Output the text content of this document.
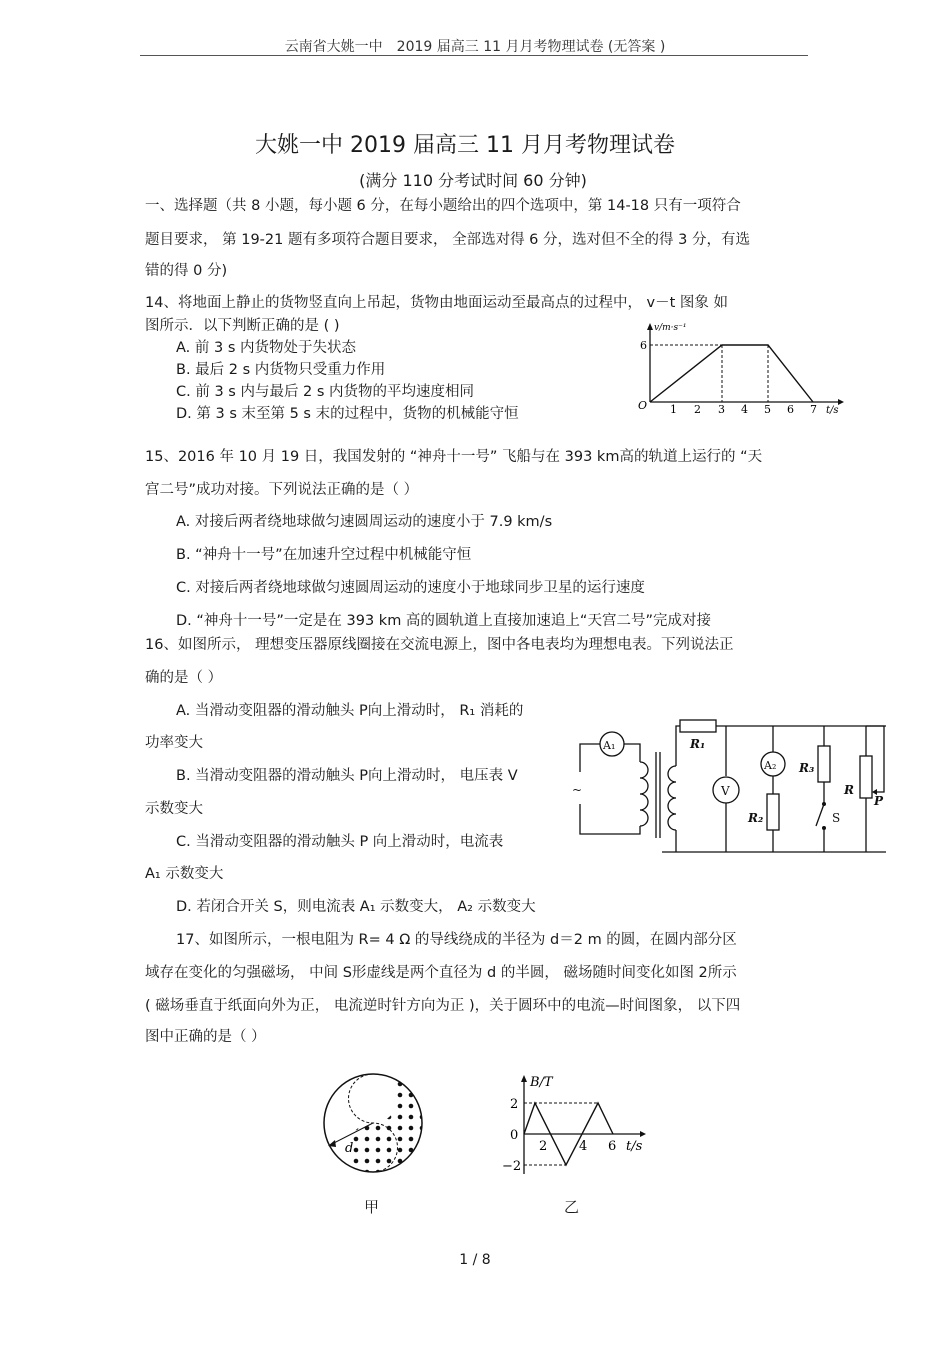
云南省大姚一中　2019 届高三 11 月月考物理试卷 (无答案 )
大姚一中 2019 届高三 11 月月考物理试卷
(满分 110 分考试时间 60 分钟)
一、选择题（共 8 小题，每小题 6 分，在每小题给出的四个选项中，第 14-18 只有一项符合
题目要求， 第 19-21 题有多项符合题目要求， 全部选对得 6 分，选对但不全的得 3 分，有选
错的得 0 分)
14、将地面上静止的货物竖直向上吊起，货物由地面运动至最高点的过程中， v－t 图象 如
图所示．以下判断正确的是 ( )
A. 前 3 s 内货物处于失状态
B. 最后 2 s 内货物只受重力作用
C. 前 3 s 内与最后 2 s 内货物的平均速度相同
D. 第 3 s 末至第 5 s 末的过程中，货物的机械能守恒
v/m·s⁻¹
6
O 1 2 3 4 5 6 7 t/s
15、2016 年 10 月 19 日，我国发射的 “神舟十一号” 飞船与在 393 km高的轨道上运行的 “天
宫二号”成功对接。下列说法正确的是（ ）
A. 对接后两者绕地球做匀速圆周运动的速度小于 7.9 km/s
B. “神舟十一号”在加速升空过程中机械能守恒
C. 对接后两者绕地球做匀速圆周运动的速度小于地球同步卫星的运行速度
D. “神舟十一号”一定是在 393 km 高的圆轨道上直接加速追上“天宫二号”完成对接
16、如图所示， 理想变压器原线圈接在交流电源上，图中各电表均为理想电表。下列说法正
确的是（ ）
A. 当滑动变阻器的滑动触头 P向上滑动时， R₁ 消耗的
功率变大
B. 当滑动变阻器的滑动触头 P向上滑动时， 电压表 V
示数变大
C. 当滑动变阻器的滑动触头 P 向上滑动时，电流表
A₁ 示数变大
D. 若闭合开关 S，则电流表 A₁ 示数变大， A₂ 示数变大
~
A₁
V
A₂
R₁
R₂
R₃
R
P
S
17、如图所示，一根电阻为 R= 4 Ω 的导线绕成的半径为 d＝2 m 的圆，在圆内部分区
域存在变化的匀强磁场， 中间 S形虚线是两个直径为 d 的半圆， 磁场随时间变化如图 2所示
( 磁场垂直于纸面向外为正， 电流逆时针方向为正 )，关于圆环中的电流—时间图象， 以下四
图中正确的是（ ）
d
甲
B/T
2
0
−2
2 4 6 t/s
乙
1 / 8
